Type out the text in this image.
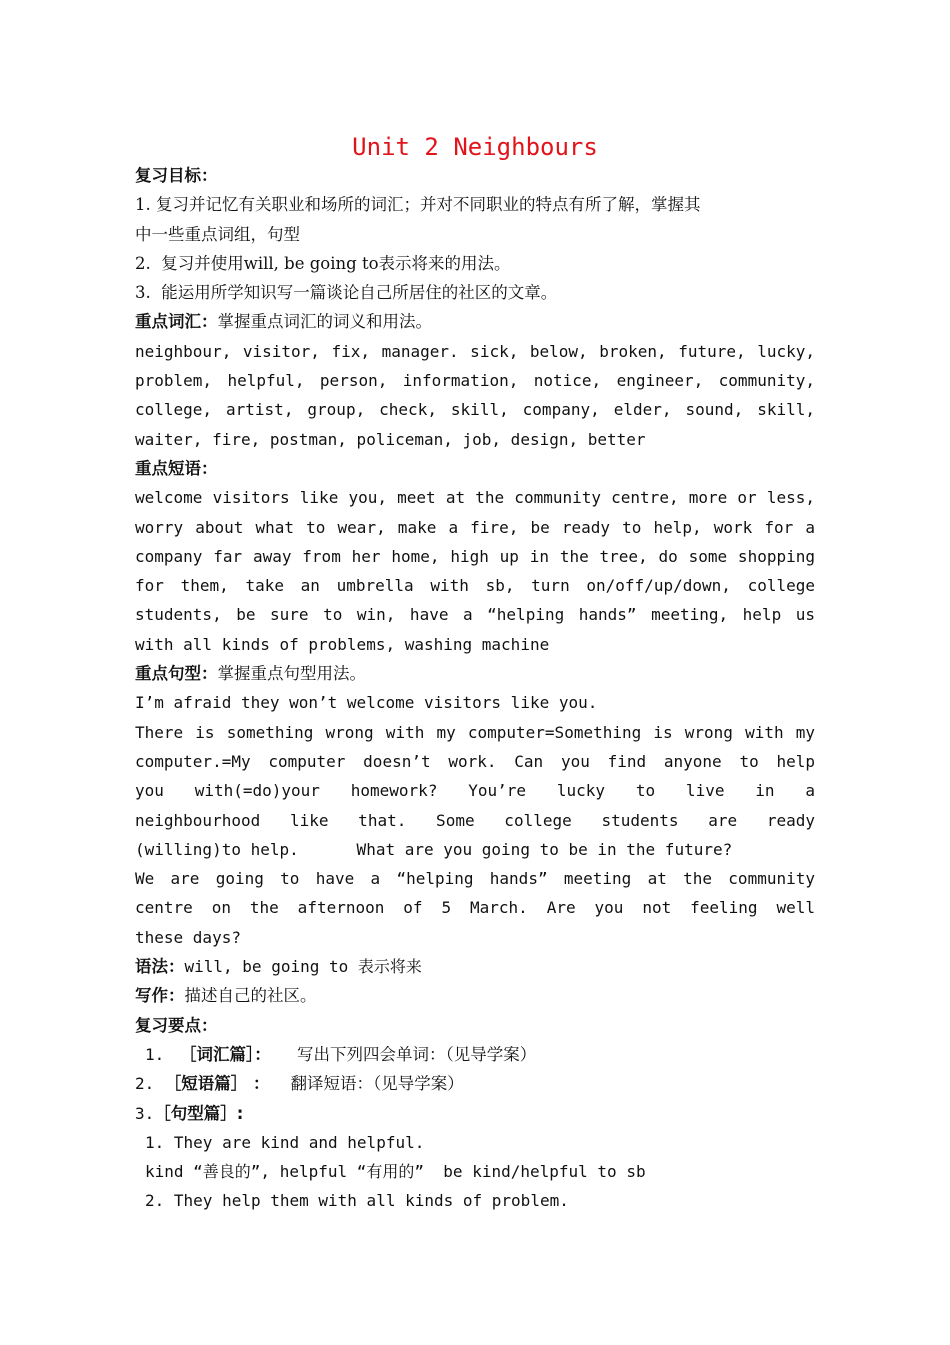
Unit 2 Neighbours
复习目标：
1. 复习并记忆有关职业和场所的词汇；并对不同职业的特点有所了解，掌握其
中一些重点词组，句型
2.  复习并使用will, be going to表示将来的用法。
3.  能运用所学知识写一篇谈论自己所居住的社区的文章。
重点词汇：掌握重点词汇的词义和用法。
neighbour, visitor, fix, manager. sick, below, broken, future, lucky,
problem, helpful, person, information, notice, engineer, community,
college, artist, group, check, skill, company, elder, sound, skill,
waiter, fire, postman, policeman, job, design, better
重点短语：
welcome visitors like you, meet at the community centre, more or less,
worry about what to wear, make a fire, be ready to help, work for a
company far away from her home, high up in the tree, do some shopping
for them, take an umbrella with sb, turn on/off/up/down, college
students, be sure to win, have a “helping hands” meeting, help us
with all kinds of problems, washing machine
重点句型：掌握重点句型用法。
I’m afraid they won’t welcome visitors like you.
There is something wrong with my computer=Something is wrong with my
computer.=My computer doesn’t work. Can you find anyone to help
you with(=do)your homework? You’re lucky to live in a
neighbourhood like that. Some college students are ready
(willing)to help.      What are you going to be in the future?
We are going to have a “helping hands” meeting at the community
centre on the afternoon of 5 March. Are you not feeling well
these days?
语法：will, be going to 表示将来
写作：描述自己的社区。
复习要点：
1. ［词汇篇］： 写出下列四会单词：（见导学案）
2. ［短语篇］ ： 翻译短语：（见导学案）
3.［句型篇］:
1. They are kind and helpful.
kind “善良的”, helpful “有用的”  be kind/helpful to sb
2. They help them with all kinds of problem.
